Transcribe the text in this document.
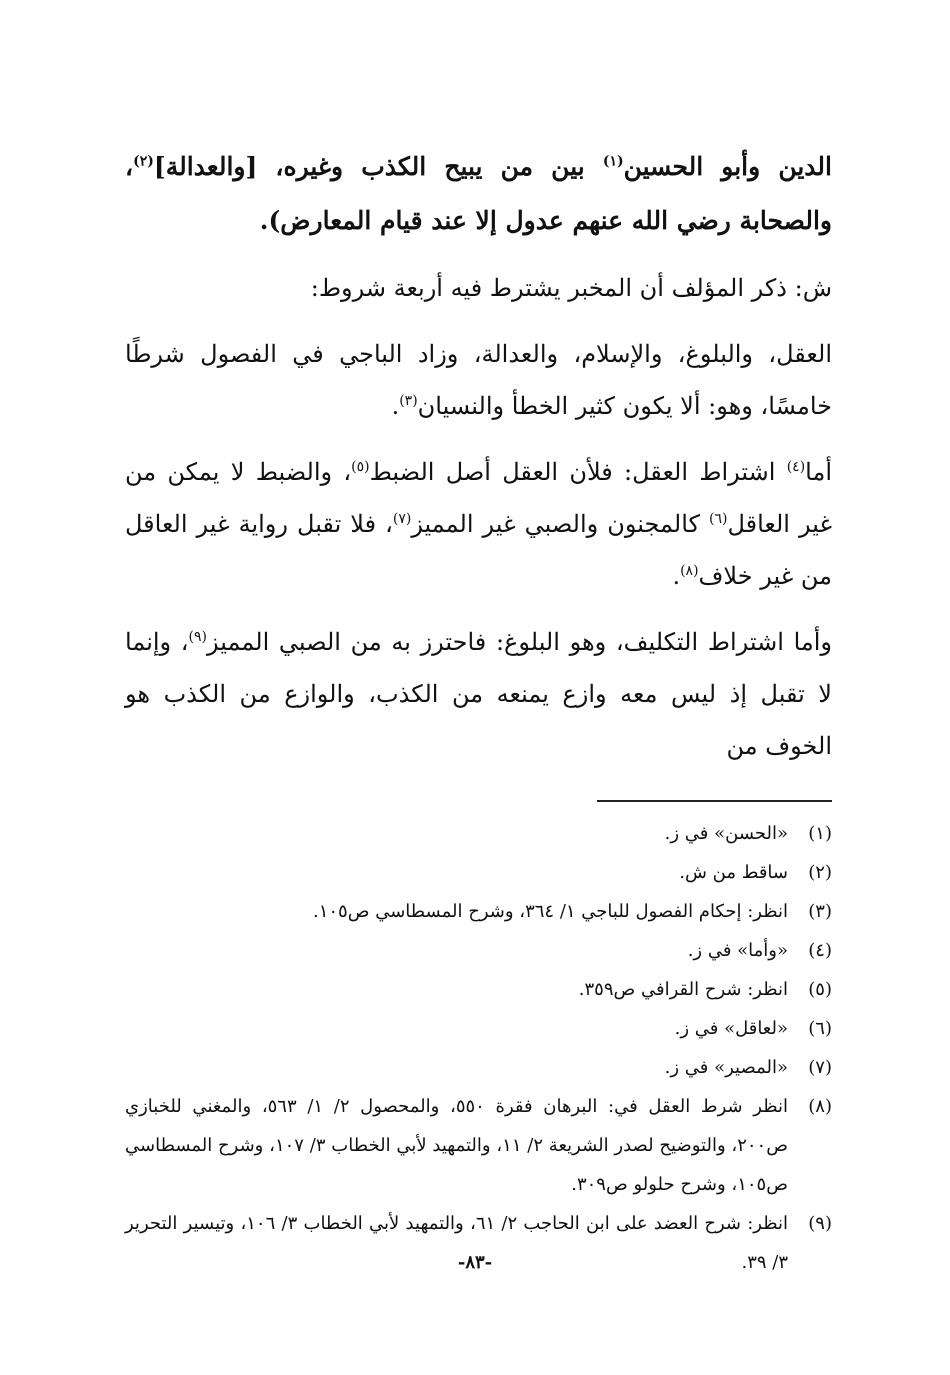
الدين وأبو الحسين$^{(١)}$ بين من يبيح الكذب وغيره، [والعدالة]$^{(٢)}$، والصحابة رضي الله عنهم عدول إلا عند قيام المعارض).

ش: ذكر المؤلف أن المخبر يشترط فيه أربعة شروط:

العقل، والبلوغ، والإسلام، والعدالة، وزاد الباجي في الفصول شرطًا خامسًا، وهو: ألا يكون كثير الخطأ والنسيان$^{(٣)}$.

أما$^{(٤)}$ اشتراط العقل: فلأن العقل أصل الضبط$^{(٥)}$، والضبط لا يمكن من غير العاقل$^{(٦)}$ كالمجنون والصبي غير المميز$^{(٧)}$، فلا تقبل رواية غير العاقل من غير خلاف$^{(٨)}$.

وأما اشتراط التكليف، وهو البلوغ: فاحترز به من الصبي المميز$^{(٩)}$، وإنما لا تقبل إذ ليس معه وازع يمنعه من الكذب، والوازع من الكذب هو الخوف من

(١)
«الحسن» في ز.
(٢)
ساقط من ش.
(٣)
انظر: إحكام الفصول للباجي ١/ ٣٦٤، وشرح المسطاسي ص١٠٥.
(٤)
«وأما» في ز.
(٥)
انظر: شرح القرافي ص٣٥٩.
(٦)
«لعاقل» في ز.
(٧)
«المصير» في ز.
(٨)
انظر شرط العقل في: البرهان فقرة ٥٥٠، والمحصول ٢/ ١/ ٥٦٣، والمغني للخبازي ص٢٠٠، والتوضيح لصدر الشريعة ٢/ ١١، والتمهيد لأبي الخطاب ٣/ ١٠٧، وشرح المسطاسي ص١٠٥، وشرح حلولو ص٣٠٩.
(٩)
انظر: شرح العضد على ابن الحاجب ٢/ ٦١، والتمهيد لأبي الخطاب ٣/ ١٠٦، وتيسير التحرير ٣/ ٣٩.
-٨٣-
